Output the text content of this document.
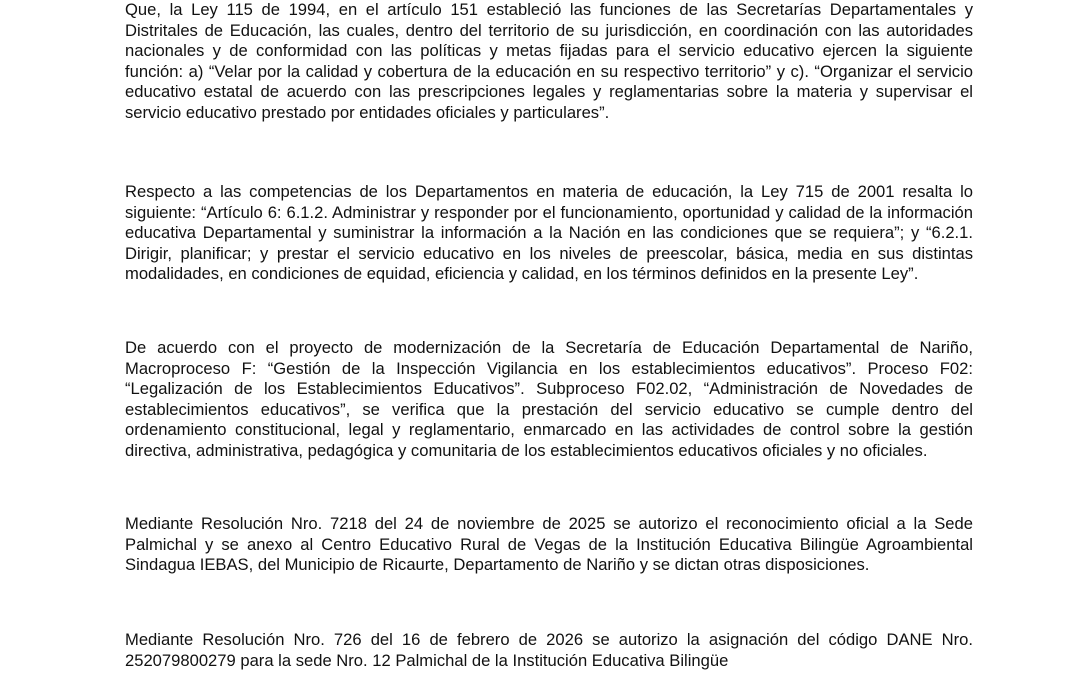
Que, la Ley 115 de 1994, en el artículo 151 estableció las funciones de las Secretarías Departamentales y Distritales de Educación, las cuales, dentro del territorio de su jurisdicción, en coordinación con las autoridades nacionales y de conformidad con las políticas y metas fijadas para el servicio educativo ejercen la siguiente función: a) “Velar por la calidad y cobertura de la educación en su respectivo territorio” y c). “Organizar el servicio educativo estatal de acuerdo con las prescripciones legales y reglamentarias sobre la materia y supervisar el servicio educativo prestado por entidades oficiales y particulares”.

Respecto a las competencias de los Departamentos en materia de educación, la Ley 715 de 2001 resalta lo siguiente: “Artículo 6: 6.1.2. Administrar y responder por el funcionamiento, oportunidad y calidad de la información educativa Departamental y suministrar la información a la Nación en las condiciones que se requiera”; y “6.2.1. Dirigir, planificar; y prestar el servicio educativo en los niveles de preescolar, básica, media en sus distintas modalidades, en condiciones de equidad, eficiencia y calidad, en los términos definidos en la presente Ley”.

De acuerdo con el proyecto de modernización de la Secretaría de Educación Departamental de Nariño, Macroproceso F: “Gestión de la Inspección Vigilancia en los establecimientos educativos”. Proceso F02: “Legalización de los Establecimientos Educativos”. Subproceso F02.02, “Administración de Novedades de establecimientos educativos”, se verifica que la prestación del servicio educativo se cumple dentro del ordenamiento constitucional, legal y reglamentario, enmarcado en las actividades de control sobre la gestión directiva, administrativa, pedagógica y comunitaria de los establecimientos educativos oficiales y no oficiales.

Mediante Resolución Nro. 7218 del 24 de noviembre de 2025 se autorizo el reconocimiento oficial a la Sede Palmichal y se anexo al Centro Educativo Rural de Vegas de la Institución Educativa Bilingüe Agroambiental Sindagua IEBAS, del Municipio de Ricaurte, Departamento de Nariño y se dictan otras disposiciones.

Mediante Resolución Nro. 726 del 16 de febrero de 2026 se autorizo la asignación del código DANE Nro. 252079800279 para la sede Nro. 12 Palmichal de la Institución Educativa Bilingüe
